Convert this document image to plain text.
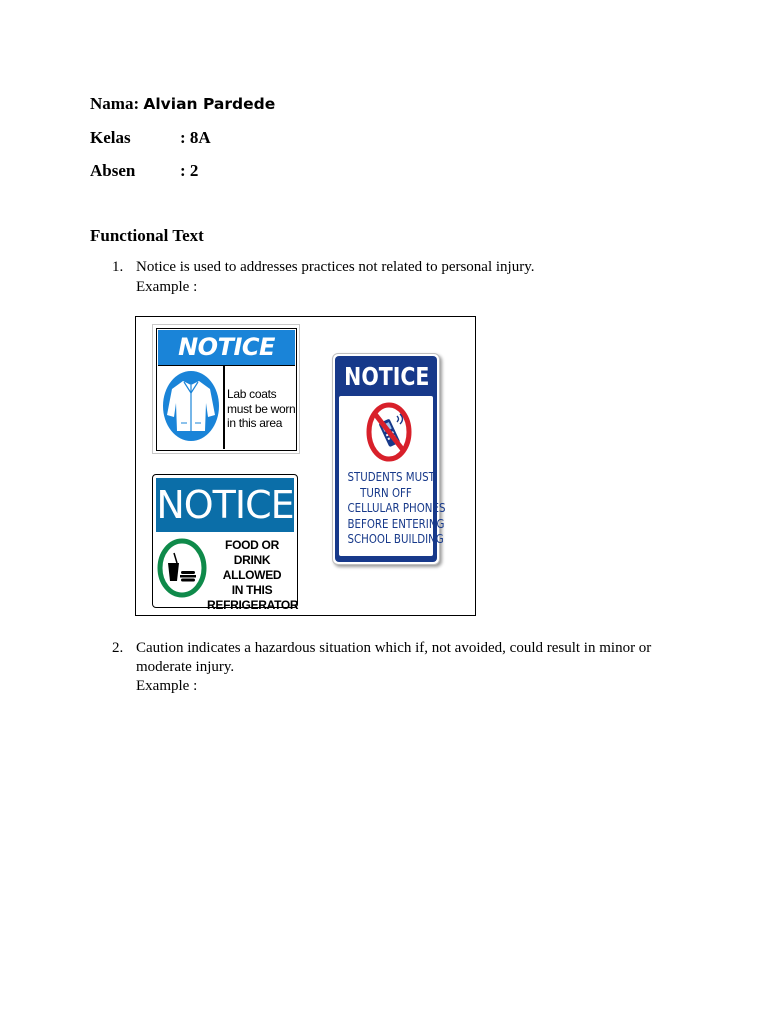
Nama: Alvian Pardede
Kelas	: 8A
Absen	: 2
Functional Text
1. Notice is used to addresses practices not related to personal injury.
Example :
NOTICE
Lab coats
must be worn
in this area
NOTICE
STUDENTS MUST
TURN OFF
CELLULAR PHONES
BEFORE ENTERING
SCHOOL BUILDING
NOTICE
FOOD OR DRINK
ALLOWED
IN THIS
REFRIGERATOR
2. Caution indicates a hazardous situation which if, not avoided, could result in minor or
moderate injury.
Example :
